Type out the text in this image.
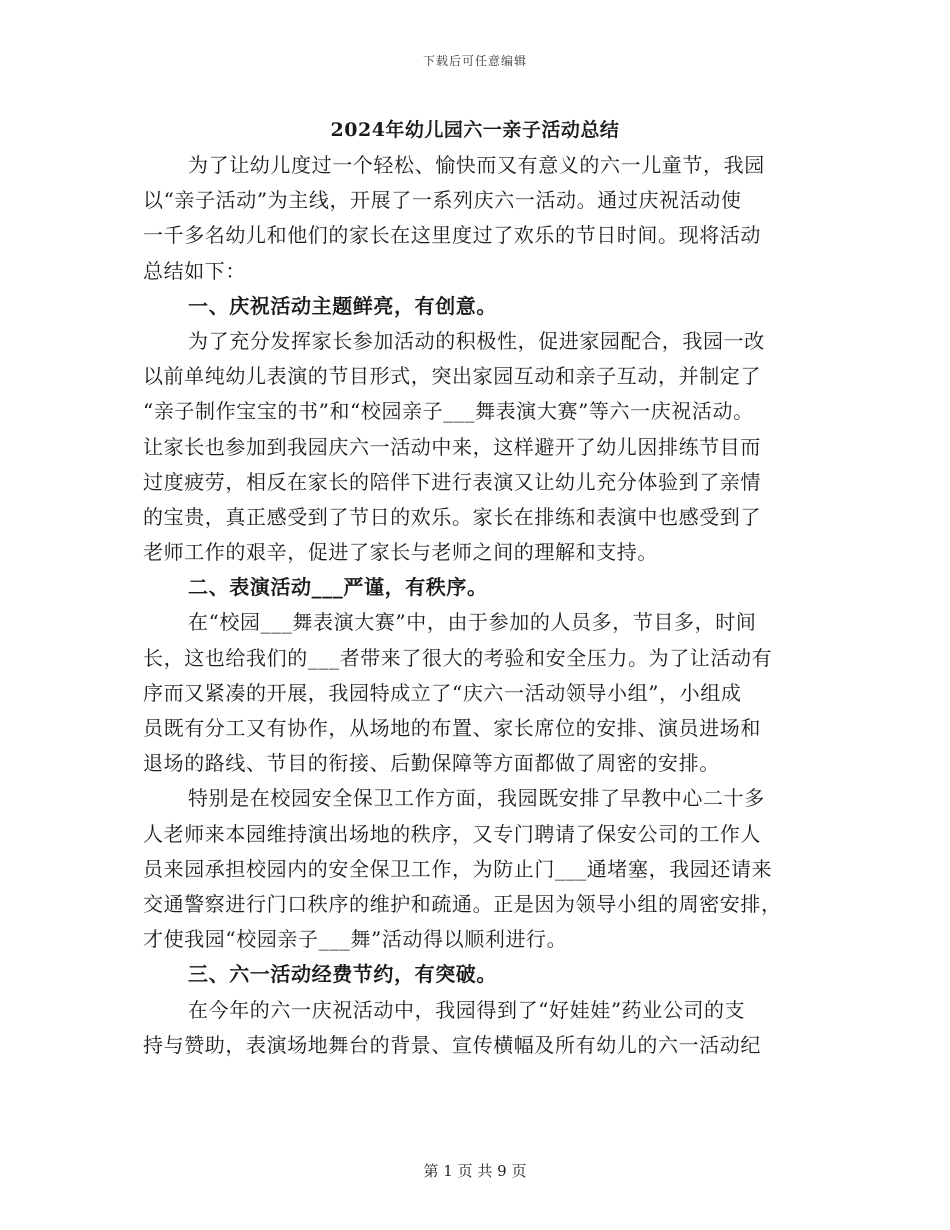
下载后可任意编辑
2024年幼儿园六一亲子活动总结
为了让幼儿度过一个轻松、愉快而又有意义的六一儿童节，我园
以“亲子活动”为主线，开展了一系列庆六一活动。通过庆祝活动使
一千多名幼儿和他们的家长在这里度过了欢乐的节日时间。现将活动
总结如下：
一、庆祝活动主题鲜亮，有创意。
为了充分发挥家长参加活动的积极性，促进家园配合，我园一改
以前单纯幼儿表演的节目形式，突出家园互动和亲子互动，并制定了
“亲子制作宝宝的书”和“校园亲子___舞表演大赛”等六一庆祝活动。
让家长也参加到我园庆六一活动中来，这样避开了幼儿因排练节目而
过度疲劳，相反在家长的陪伴下进行表演又让幼儿充分体验到了亲情
的宝贵，真正感受到了节日的欢乐。家长在排练和表演中也感受到了
老师工作的艰辛，促进了家长与老师之间的理解和支持。
二、表演活动___严谨，有秩序。
在“校园___舞表演大赛”中，由于参加的人员多，节目多，时间
长，这也给我们的___者带来了很大的考验和安全压力。为了让活动有
序而又紧凑的开展，我园特成立了“庆六一活动领导小组”，小组成
员既有分工又有协作，从场地的布置、家长席位的安排、演员进场和
退场的路线、节目的衔接、后勤保障等方面都做了周密的安排。
特别是在校园安全保卫工作方面，我园既安排了早教中心二十多
人老师来本园维持演出场地的秩序，又专门聘请了保安公司的工作人
员来园承担校园内的安全保卫工作，为防止门___通堵塞，我园还请来
交通警察进行门口秩序的维护和疏通。正是因为领导小组的周密安排，
才使我园“校园亲子___舞”活动得以顺利进行。
三、六一活动经费节约，有突破。
在今年的六一庆祝活动中，我园得到了“好娃娃”药业公司的支
持与赞助，表演场地舞台的背景、宣传横幅及所有幼儿的六一活动纪
第 1 页 共 9 页
